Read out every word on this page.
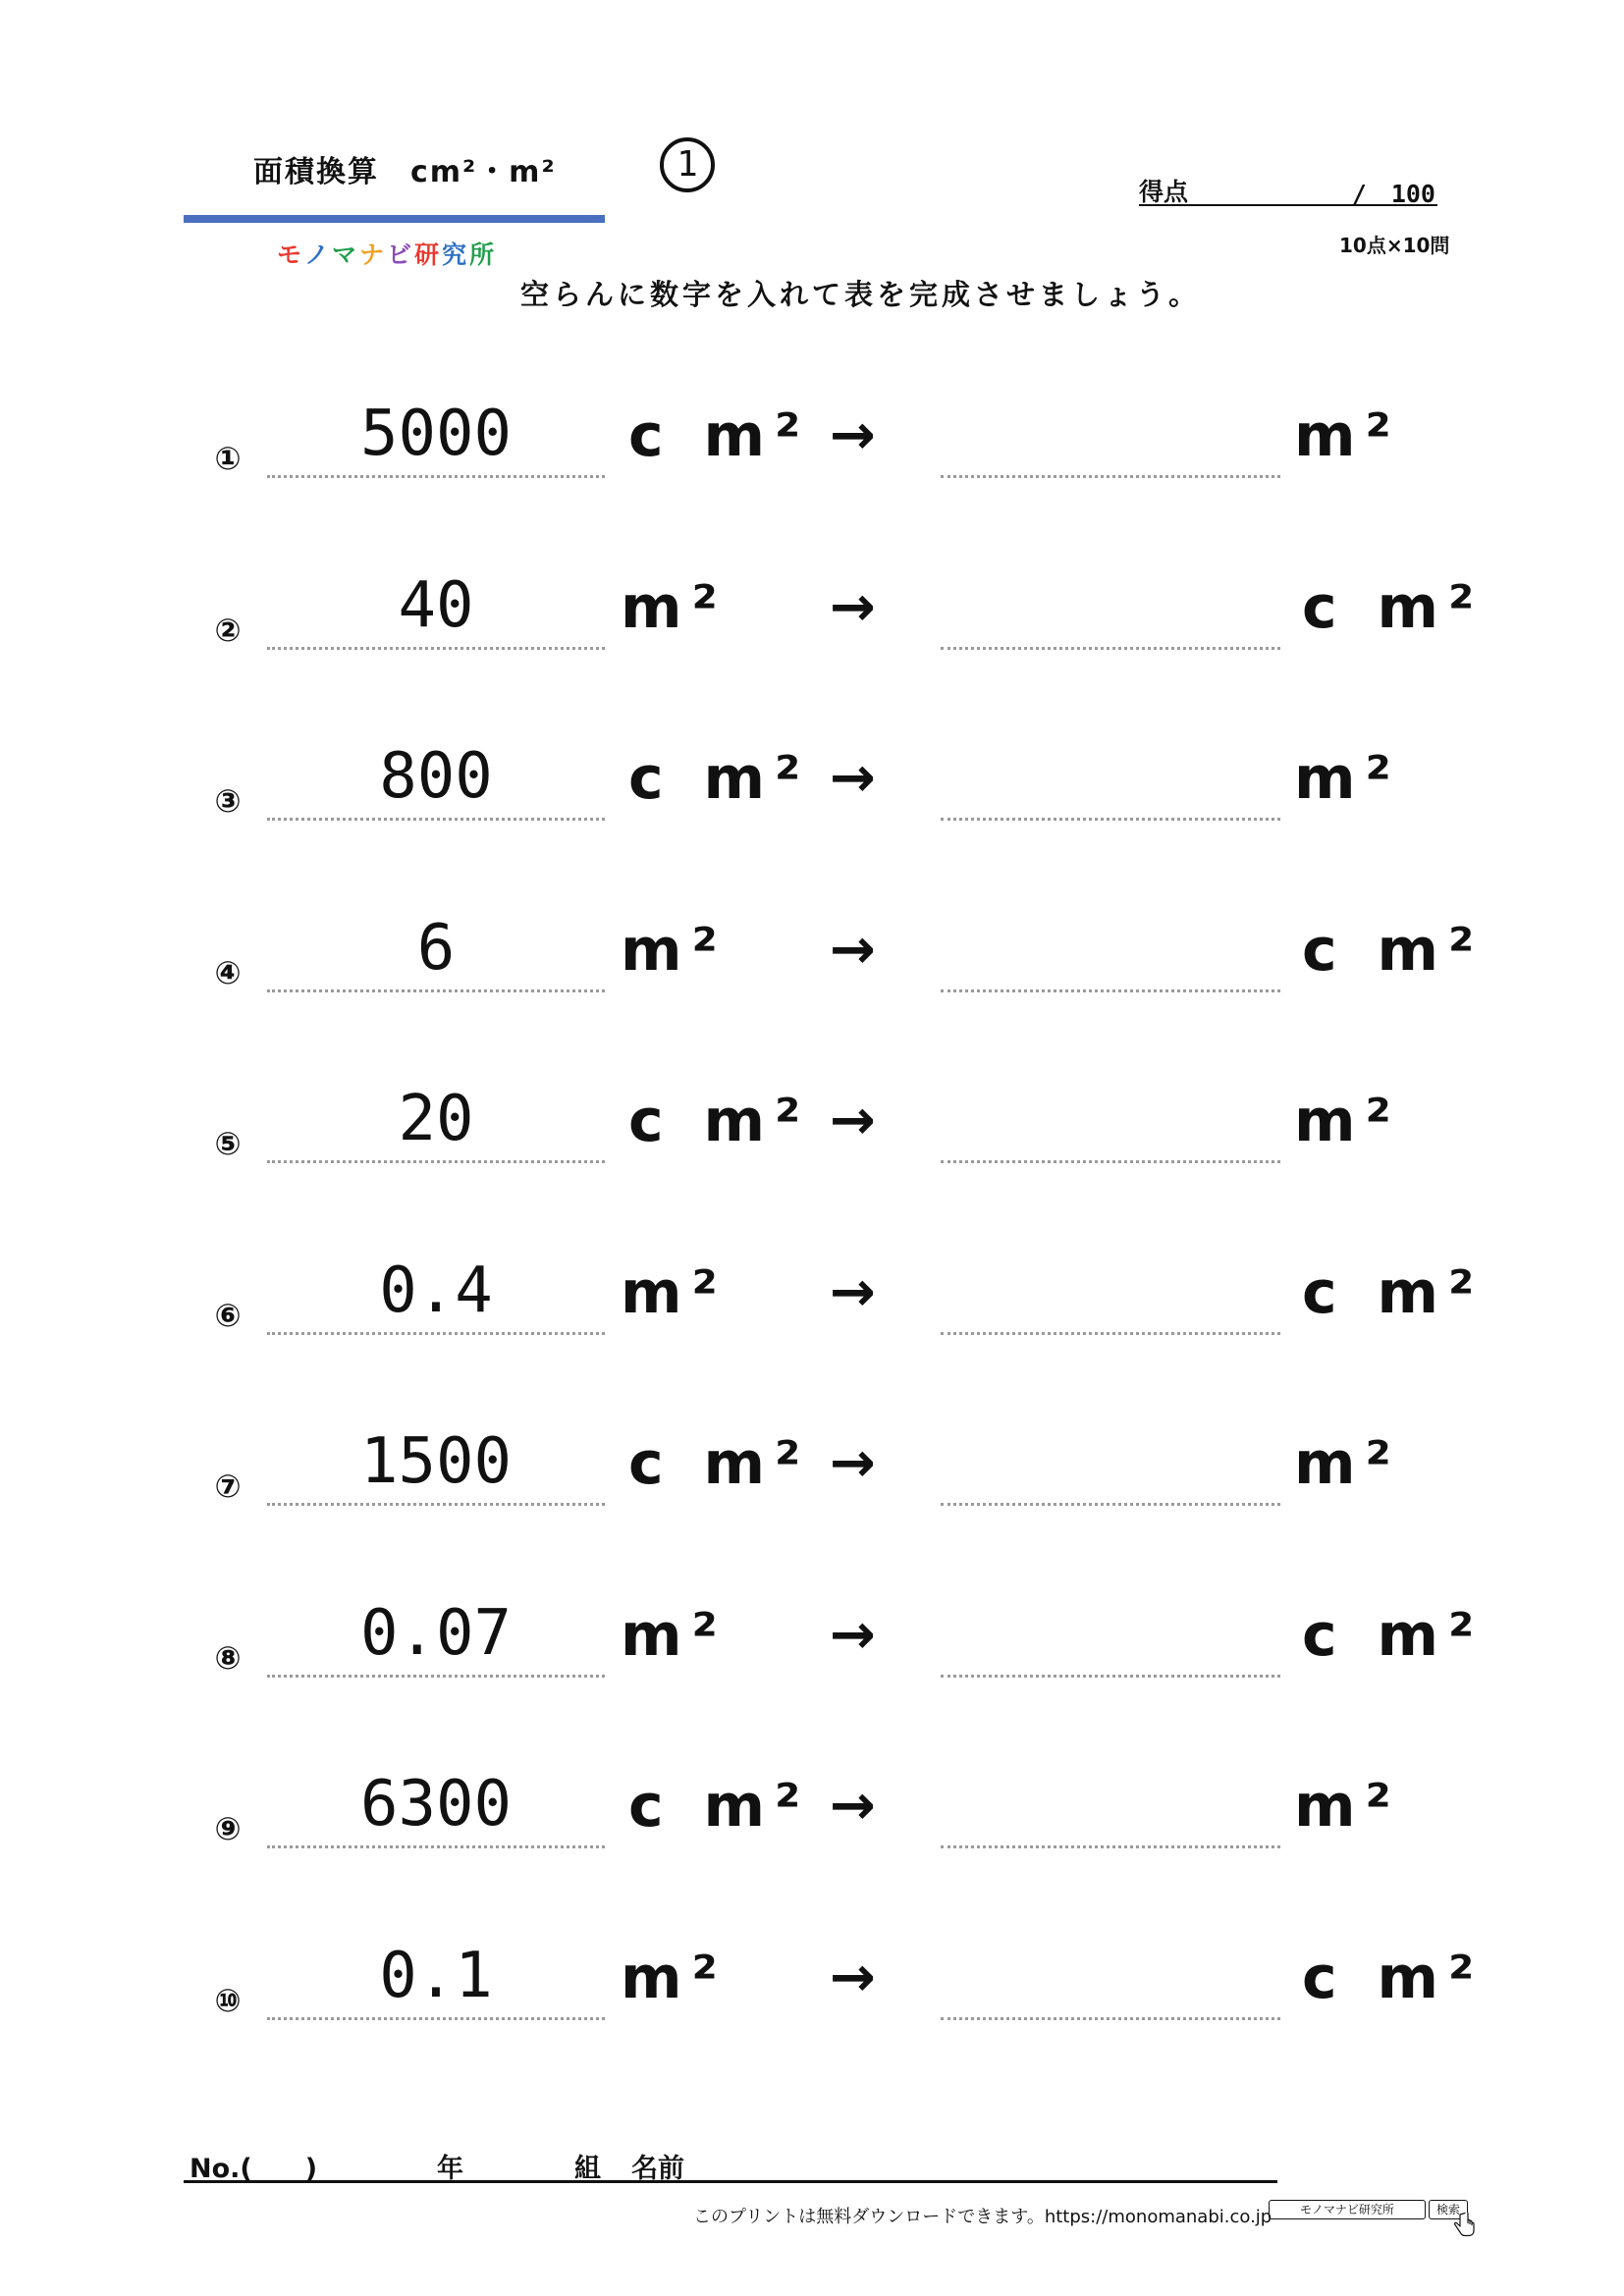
面積換算　cm²・m²	1
モノマナビ研究所
得点	/　100
10点×10問
空らんに数字を入れて表を完成させましょう。
①	5000	c m² →	m²
②	40	m² →	c m²
③	800	c m² →	m²
④	6	m² →	c m²
⑤	20	c m² →	m²
⑥	0.4	m² →	c m²
⑦	1500	c m² →	m²
⑧	0.07	m² →	c m²
⑨	6300	c m² →	m²
⑩	0.1	m² →	c m²
No.(　　)	年	組 名前
このプリントは無料ダウンロードできます。https://monomanabi.co.jp	モノマナビ研究所	検索
